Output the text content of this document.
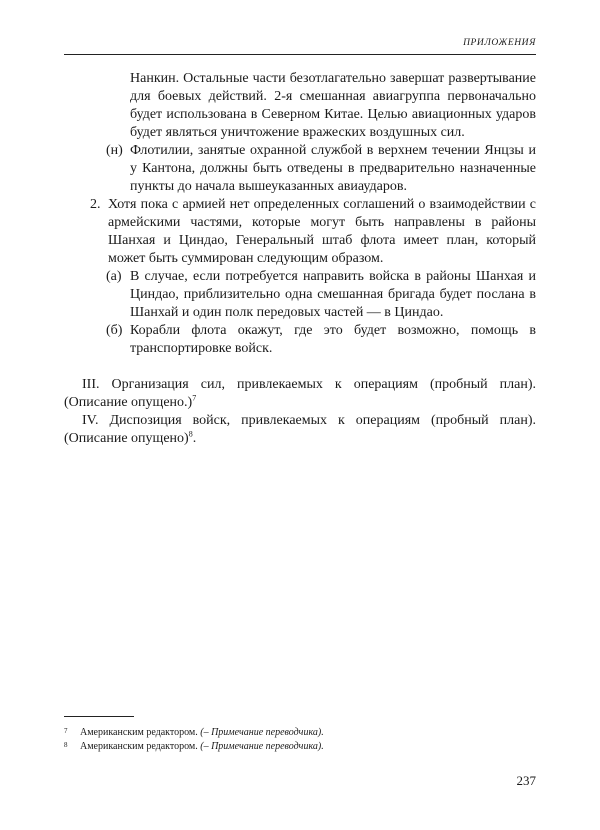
ПРИЛОЖЕНИЯ

Нанкин. Остальные части безотлагательно завершат развертывание для боевых действий. 2-я смешанная авиагруппа первоначально будет использована в Северном Китае. Целью авиационных ударов будет являться уничтожение вражеских воздушных сил.

(н) Флотилии, занятые охранной службой в верхнем течении Янцзы и у Кантона, должны быть отведены в предварительно назначенные пункты до начала вышеуказанных авиаударов.

2. Хотя пока с армией нет определенных соглашений о взаимодействии с армейскими частями, которые могут быть направлены в районы Шанхая и Циндао, Генеральный штаб флота имеет план, который может быть суммирован следующим образом.

(а) В случае, если потребуется направить войска в районы Шанхая и Циндао, приблизительно одна смешанная бригада будет послана в Шанхай и один полк передовых частей — в Циндао.

(б) Корабли флота окажут, где это будет возможно, помощь в транспортировке войск.

III. Организация сил, привлекаемых к операциям (пробный план). (Описание опущено.)$^7$

IV. Диспозиция войск, привлекаемых к операциям (пробный план). (Описание опущено)$^8$.

7 Американским редактором. (– Примечание переводчика).
8 Американским редактором. (– Примечание переводчика).
237
